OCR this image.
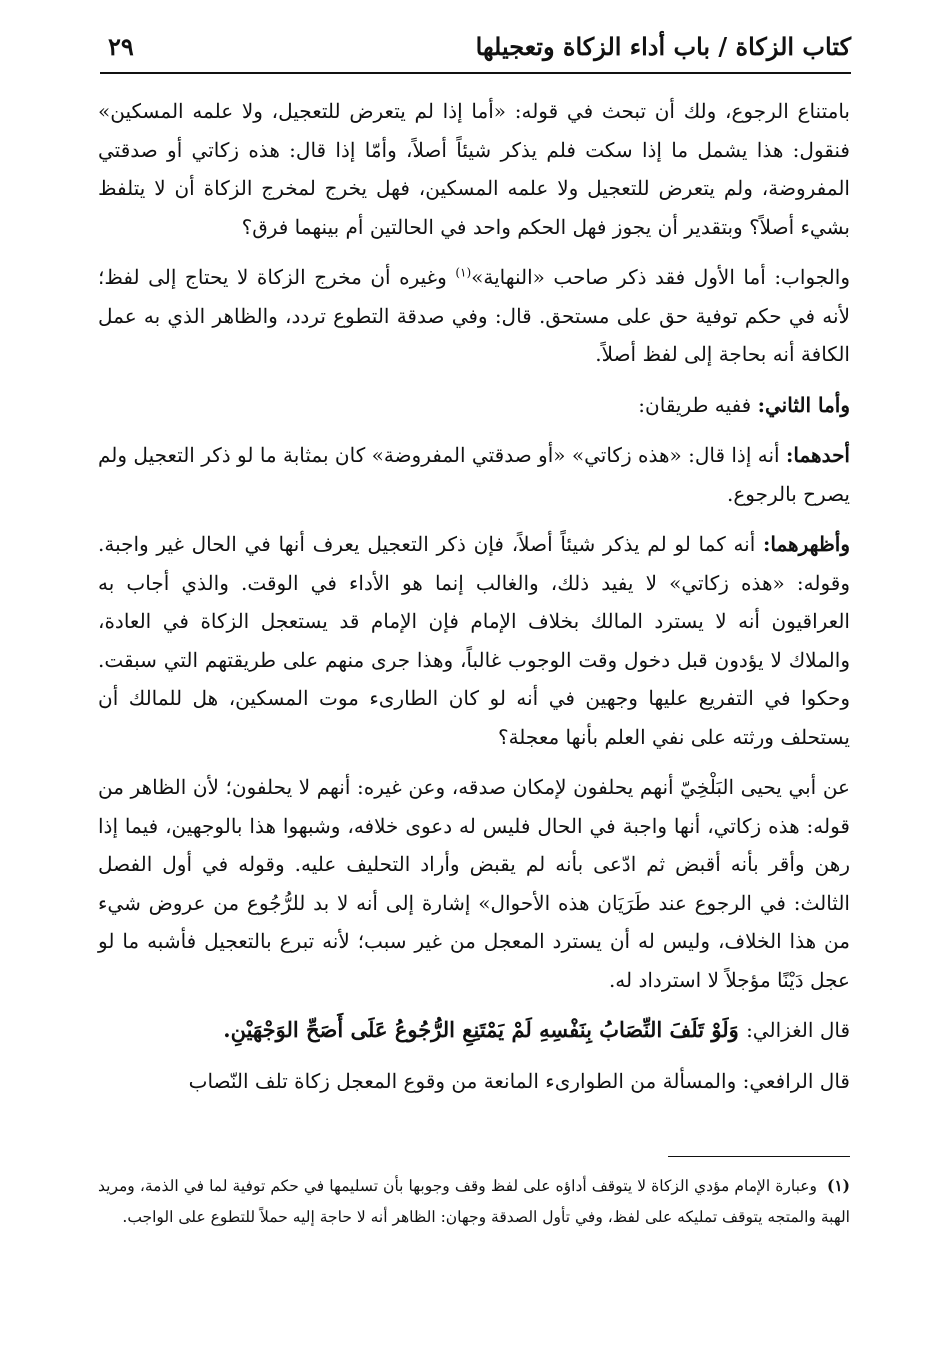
كتاب الزكاة / باب أداء الزكاة وتعجيلها
٢٩

بامتناع الرجوع، ولك أن تبحث في قوله: «أما إذا لم يتعرض للتعجيل، ولا علمه المسكين» فنقول: هذا يشمل ما إذا سكت فلم يذكر شيئاً أصلاً، وأمّا إذا قال: هذه زكاتي أو صدقتي المفروضة، ولم يتعرض للتعجيل ولا علمه المسكين، فهل يخرج لمخرج الزكاة أن لا يتلفظ بشيء أصلاً؟ وبتقدير أن يجوز فهل الحكم واحد في الحالتين أم بينهما فرق؟

والجواب: أما الأول فقد ذكر صاحب «النهاية»$^{(١)}$ وغيره أن مخرج الزكاة لا يحتاج إلى لفظ؛ لأنه في حكم توفية حق على مستحق. قال: وفي صدقة التطوع تردد، والظاهر الذي به عمل الكافة أنه بحاجة إلى لفظ أصلاً.

وأما الثاني: ففيه طريقان:

أحدهما: أنه إذا قال: «هذه زكاتي» «أو صدقتي المفروضة» كان بمثابة ما لو ذكر التعجيل ولم يصرح بالرجوع.

وأظهرهما: أنه كما لو لم يذكر شيئاً أصلاً، فإن ذكر التعجيل يعرف أنها في الحال غير واجبة. وقوله: «هذه زكاتي» لا يفيد ذلك، والغالب إنما هو الأداء في الوقت. والذي أجاب به العراقيون أنه لا يسترد المالك بخلاف الإمام فإن الإمام قد يستعجل الزكاة في العادة، والملاك لا يؤدون قبل دخول وقت الوجوب غالباً، وهذا جرى منهم على طريقتهم التي سبقت. وحكوا في التفريع عليها وجهين في أنه لو كان الطارىء موت المسكين، هل للمالك أن يستحلف ورثته على نفي العلم بأنها معجلة؟

عن أبي يحيى البَلْخِيّ أنهم يحلفون لإمكان صدقه، وعن غيره: أنهم لا يحلفون؛ لأن الظاهر من قوله: هذه زكاتي، أنها واجبة في الحال فليس له دعوى خلافه، وشبهوا هذا بالوجهين، فيما إذا رهن وأقر بأنه أقبض ثم ادّعى بأنه لم يقبض وأراد التحليف عليه. وقوله في أول الفصل الثالث: في الرجوع عند طَرَيَان هذه الأحوال» إشارة إلى أنه لا بد للرُّجُوع من عروض شيء من هذا الخلاف، وليس له أن يسترد المعجل من غير سبب؛ لأنه تبرع بالتعجيل فأشبه ما لو عجل دَيْنًا مؤجلاً لا استرداد له.

قال الغزالي: وَلَوْ تَلَفَ النِّصَابُ بِنَفْسِهِ لَمْ يَمْتَنِعِ الرُّجُوعُ عَلَى أَصَحِّ الوَجْهَيْنِ.

قال الرافعي: والمسألة من الطوارىء المانعة من وقوع المعجل زكاة تلف النّصاب

(١)وعبارة الإمام مؤدي الزكاة لا يتوقف أداؤه على لفظ وقف وجوبها بأن تسليمها في حكم توفية لما في الذمة، ومريد الهبة والمتجه يتوقف تمليكه على لفظ، وفي تأول الصدقة وجهان: الظاهر أنه لا حاجة إليه حملاً للتطوع على الواجب.
